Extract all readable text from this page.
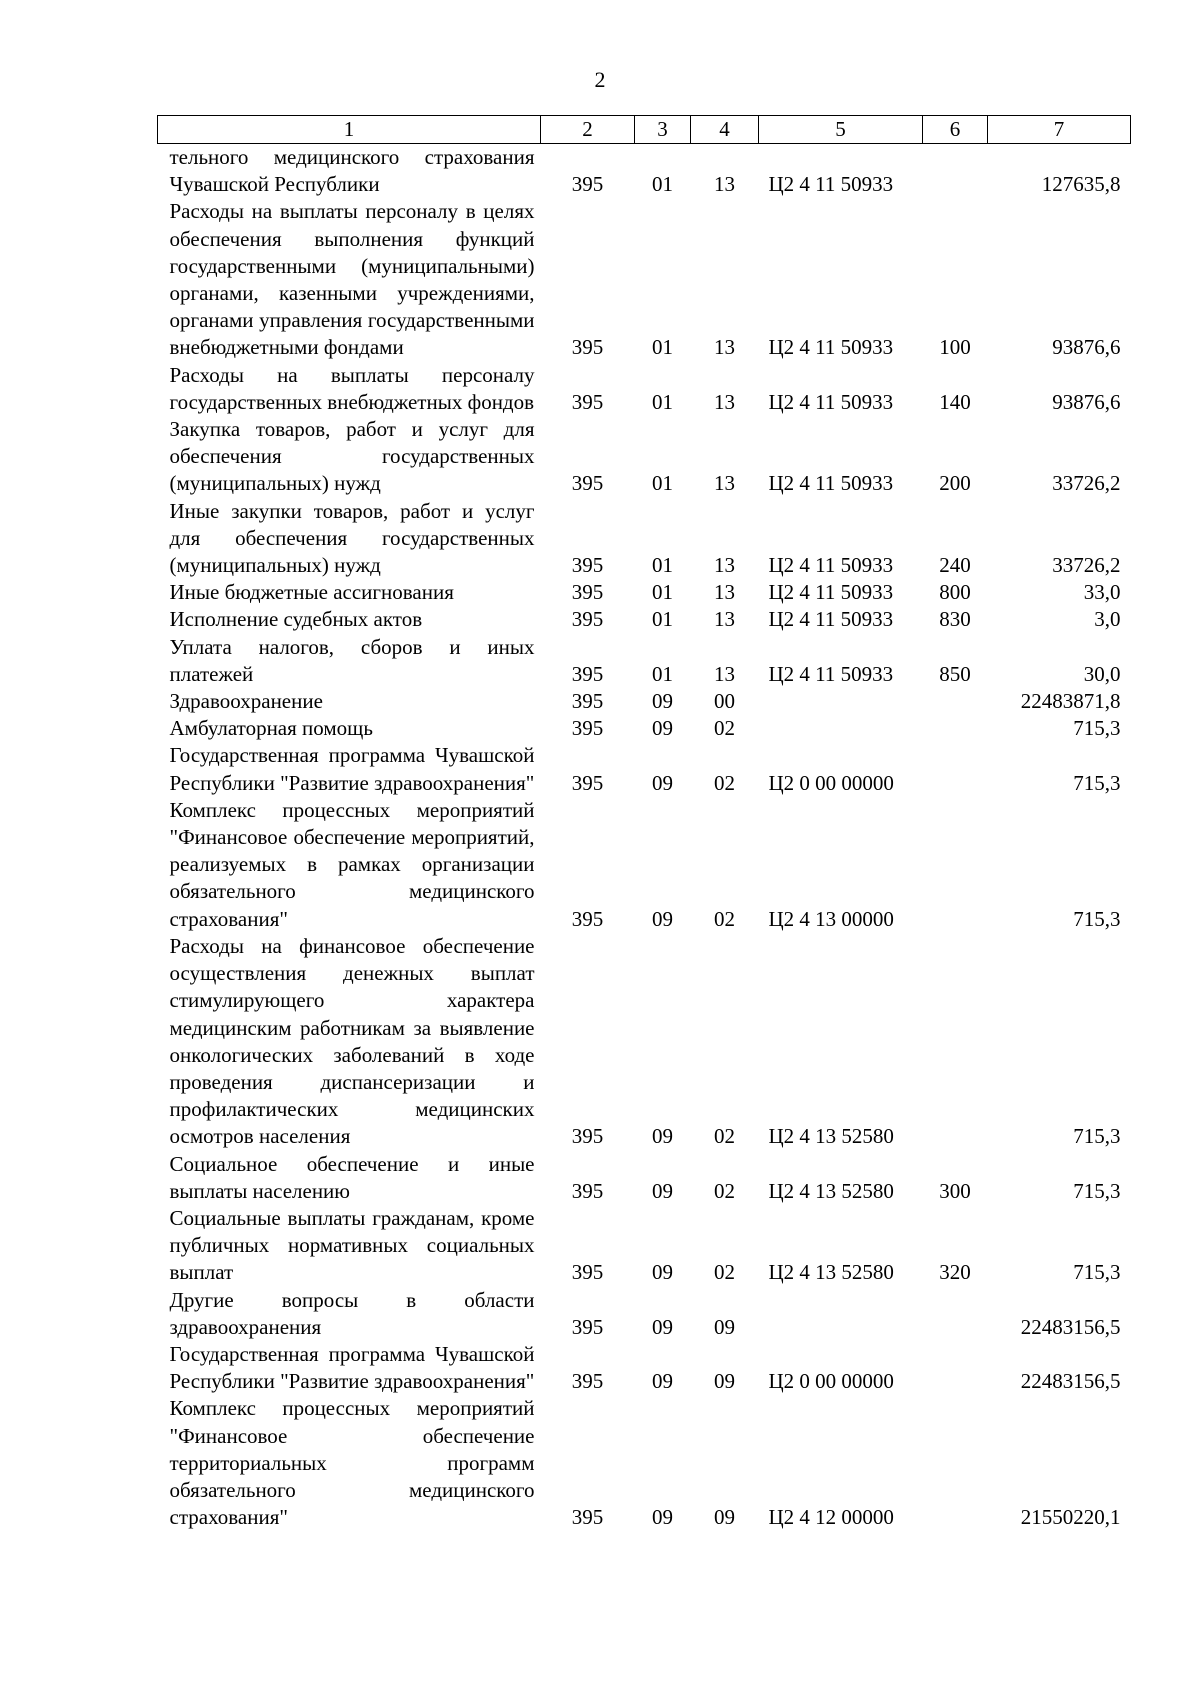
2
1	2	3	4	5	6	7
тельного медицинского страхования Чувашской Республики	395	01	13	Ц2 4 11 50933		127635,8
Расходы на выплаты персоналу в целях обеспечения выполнения функций государственными (муниципальными) органами, казенными учреждениями, органами управления государственными внебюджетными фондами	395	01	13	Ц2 4 11 50933	100	93876,6
Расходы на выплаты персоналу государственных внебюджетных фондов	395	01	13	Ц2 4 11 50933	140	93876,6
Закупка товаров, работ и услуг для обеспечения государственных (муниципальных) нужд	395	01	13	Ц2 4 11 50933	200	33726,2
Иные закупки товаров, работ и услуг для обеспечения государственных (муниципальных) нужд	395	01	13	Ц2 4 11 50933	240	33726,2
Иные бюджетные ассигнования	395	01	13	Ц2 4 11 50933	800	33,0
Исполнение судебных актов	395	01	13	Ц2 4 11 50933	830	3,0
Уплата налогов, сборов и иных платежей	395	01	13	Ц2 4 11 50933	850	30,0
Здравоохранение	395	09	00			22483871,8
Амбулаторная помощь	395	09	02			715,3
Государственная программа Чувашской Республики "Развитие здравоохранения"	395	09	02	Ц2 0 00 00000		715,3
Комплекс процессных мероприятий "Финансовое обеспечение мероприятий, реализуемых в рамках организации обязательного медицинского страхования"	395	09	02	Ц2 4 13 00000		715,3
Расходы на финансовое обеспечение осуществления денежных выплат стимулирующего характера медицинским работникам за выявление онкологических заболеваний в ходе проведения диспансеризации и профилактических медицинских осмотров населения	395	09	02	Ц2 4 13 52580		715,3
Социальное обеспечение и иные выплаты населению	395	09	02	Ц2 4 13 52580	300	715,3
Социальные выплаты гражданам, кроме публичных нормативных социальных выплат	395	09	02	Ц2 4 13 52580	320	715,3
Другие вопросы в области здравоохранения	395	09	09			22483156,5
Государственная программа Чувашской Республики "Развитие здравоохранения"	395	09	09	Ц2 0 00 00000		22483156,5
Комплекс процессных мероприятий "Финансовое обеспечение территориальных программ обязательного медицинского страхования"	395	09	09	Ц2 4 12 00000		21550220,1
